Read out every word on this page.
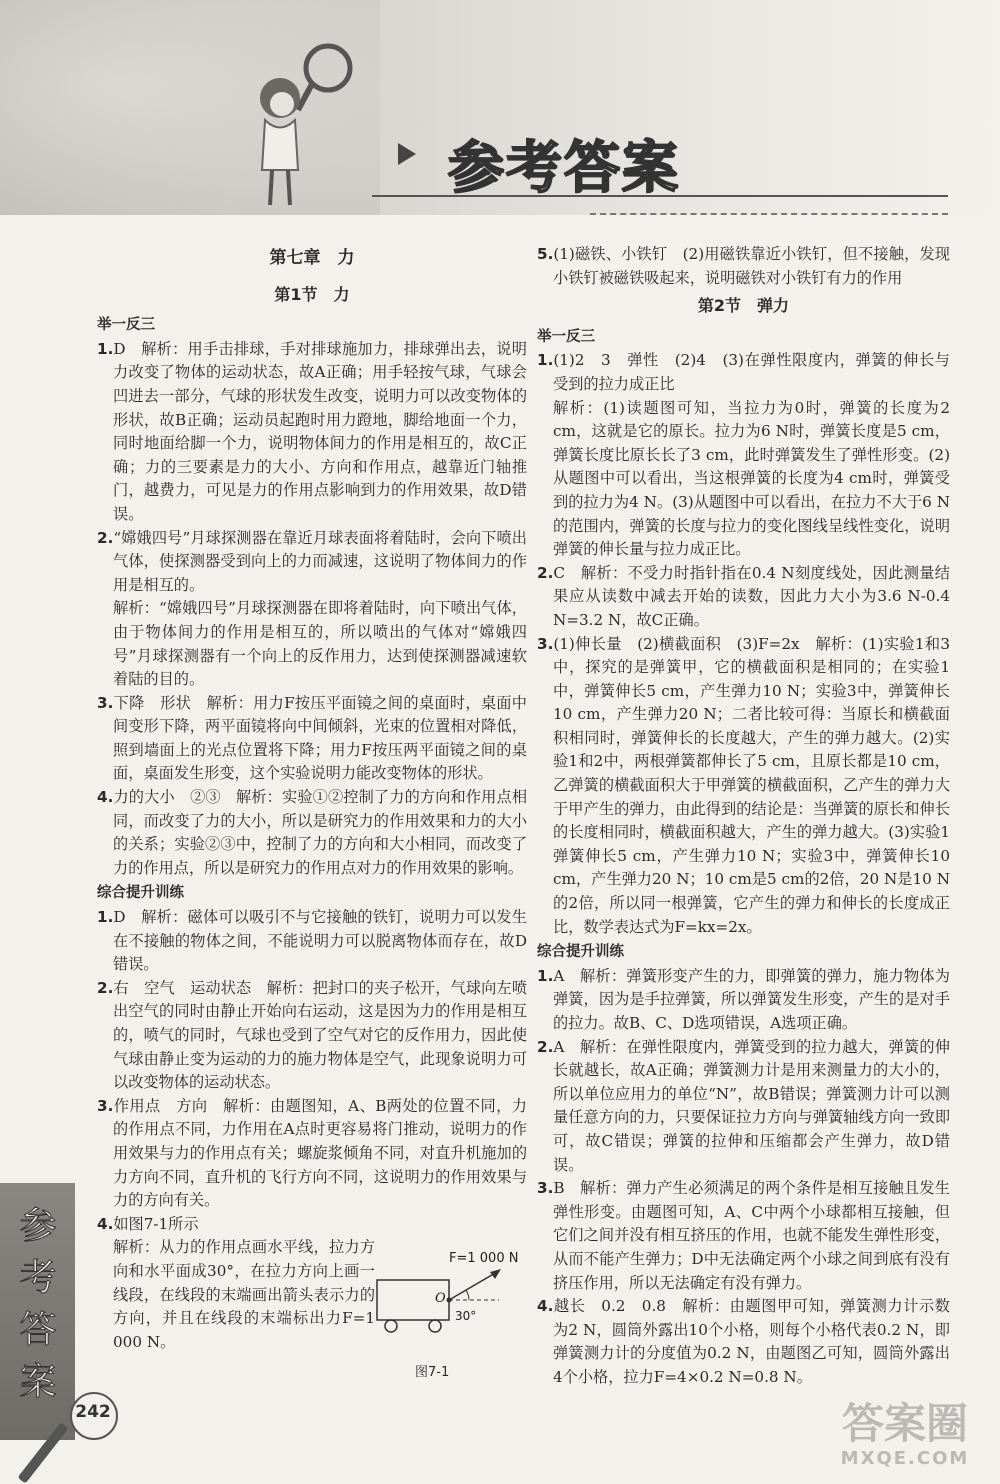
参考答案
第七章　力
第1节　力
举一反三

1.D　解析：用手击排球，手对排球施加力，排球弹出去，说明力改变了物体的运动状态，故A正确；用手轻按气球，气球会凹进去一部分，气球的形状发生改变，说明力可以改变物体的形状，故B正确；运动员起跑时用力蹬地，脚给地面一个力，同时地面给脚一个力，说明物体间力的作用是相互的，故C正确；力的三要素是力的大小、方向和作用点，越靠近门轴推门，越费力，可见是力的作用点影响到力的作用效果，故D错误。

2.“嫦娥四号”月球探测器在靠近月球表面将着陆时，会向下喷出气体，使探测器受到向上的力而减速，这说明了物体间力的作用是相互的。

解析：“嫦娥四号”月球探测器在即将着陆时，向下喷出气体，由于物体间力的作用是相互的，所以喷出的气体对“嫦娥四号”月球探测器有一个向上的反作用力，达到使探测器减速软着陆的目的。

3.下降　形状　解析：用力F按压平面镜之间的桌面时，桌面中间变形下降，两平面镜将向中间倾斜，光束的位置相对降低，照到墙面上的光点位置将下降；用力F按压两平面镜之间的桌面，桌面发生形变，这个实验说明力能改变物体的形状。

4.力的大小　②③　解析：实验①②控制了力的方向和作用点相同，而改变了力的大小，所以是研究力的作用效果和力的大小的关系；实验②③中，控制了力的方向和大小相同，而改变了力的作用点，所以是研究力的作用点对力的作用效果的影响。

综合提升训练

1.D　解析：磁体可以吸引不与它接触的铁钉，说明力可以发生在不接触的物体之间，不能说明力可以脱离物体而存在，故D错误。

2.右　空气　运动状态　解析：把封口的夹子松开，气球向左喷出空气的同时由静止开始向右运动，这是因为力的作用是相互的，喷气的同时，气球也受到了空气对它的反作用力，因此使气球由静止变为运动的力的施力物体是空气，此现象说明力可以改变物体的运动状态。

3.作用点　方向　解析：由题图知，A、B两处的位置不同，力的作用点不同，力作用在A点时更容易将门推动，说明力的作用效果与力的作用点有关；螺旋浆倾角不同，对直升机施加的力方向不同，直升机的飞行方向不同，这说明力的作用效果与力的方向有关。

4.如图7-1所示

解析：从力的作用点画水平线，拉力方向和水平面成30°，在拉力方向上画一线段，在线段的末端画出箭头表示力的方向，并且在线段的末端标出力F=1 000 N。

F=1 000 N
O
30°
图7-1

5.(1)磁铁、小铁钉　(2)用磁铁靠近小铁钉，但不接触，发现小铁钉被磁铁吸起来，说明磁铁对小铁钉有力的作用

第2节　弹力
举一反三

1.(1)2　3　弹性　(2)4　(3)在弹性限度内，弹簧的伸长与受到的拉力成正比

解析：(1)读题图可知，当拉力为0时，弹簧的长度为2 cm，这就是它的原长。拉力为6 N时，弹簧长度是5 cm，弹簧长度比原长长了3 cm，此时弹簧发生了弹性形变。(2)从题图中可以看出，当这根弹簧的长度为4 cm时，弹簧受到的拉力为4 N。(3)从题图中可以看出，在拉力不大于6 N的范围内，弹簧的长度与拉力的变化图线呈线性变化，说明弹簧的伸长量与拉力成正比。

2.C　解析：不受力时指针指在0.4 N刻度线处，因此测量结果应从读数中减去开始的读数，因此力大小为3.6 N-0.4 N=3.2 N，故C正确。

3.(1)伸长量　(2)横截面积　(3)F=2x　解析：(1)实验1和3中，探究的是弹簧甲，它的横截面积是相同的；在实验1中，弹簧伸长5 cm，产生弹力10 N；实验3中，弹簧伸长10 cm，产生弹力20 N；二者比较可得：当原长和横截面积相同时，弹簧伸长的长度越大，产生的弹力越大。(2)实验1和2中，两根弹簧都伸长了5 cm，且原长都是10 cm，乙弹簧的横截面积大于甲弹簧的横截面积，乙产生的弹力大于甲产生的弹力，由此得到的结论是：当弹簧的原长和伸长的长度相同时，横截面积越大，产生的弹力越大。(3)实验1弹簧伸长5 cm，产生弹力10 N；实验3中，弹簧伸长10 cm，产生弹力20 N；10 cm是5 cm的2倍，20 N是10 N的2倍，所以同一根弹簧，它产生的弹力和伸长的长度成正比，数学表达式为F=kx=2x。

综合提升训练

1.A　解析：弹簧形变产生的力，即弹簧的弹力，施力物体为弹簧，因为是手拉弹簧，所以弹簧发生形变，产生的是对手的拉力。故B、C、D选项错误，A选项正确。

2.A　解析：在弹性限度内，弹簧受到的拉力越大，弹簧的伸长就越长，故A正确；弹簧测力计是用来测量力的大小的，所以单位应用力的单位“N”，故B错误；弹簧测力计可以测量任意方向的力，只要保证拉力方向与弹簧轴线方向一致即可，故C错误；弹簧的拉伸和压缩都会产生弹力，故D错误。

3.B　解析：弹力产生必须满足的两个条件是相互接触且发生弹性形变。由题图可知，A、C中两个小球都相互接触，但它们之间并没有相互挤压的作用，也就不能发生弹性形变，从而不能产生弹力；D中无法确定两个小球之间到底有没有挤压作用，所以无法确定有没有弹力。

4.越长　0.2　0.8　解析：由题图甲可知，弹簧测力计示数为2 N，圆筒外露出10个小格，则每个小格代表0.2 N，即弹簧测力计的分度值为0.2 N，由题图乙可知，圆筒外露出4个小格，拉力F=4×0.2 N=0.8 N。

参考答案
242	答案圈
MXQE.COM
